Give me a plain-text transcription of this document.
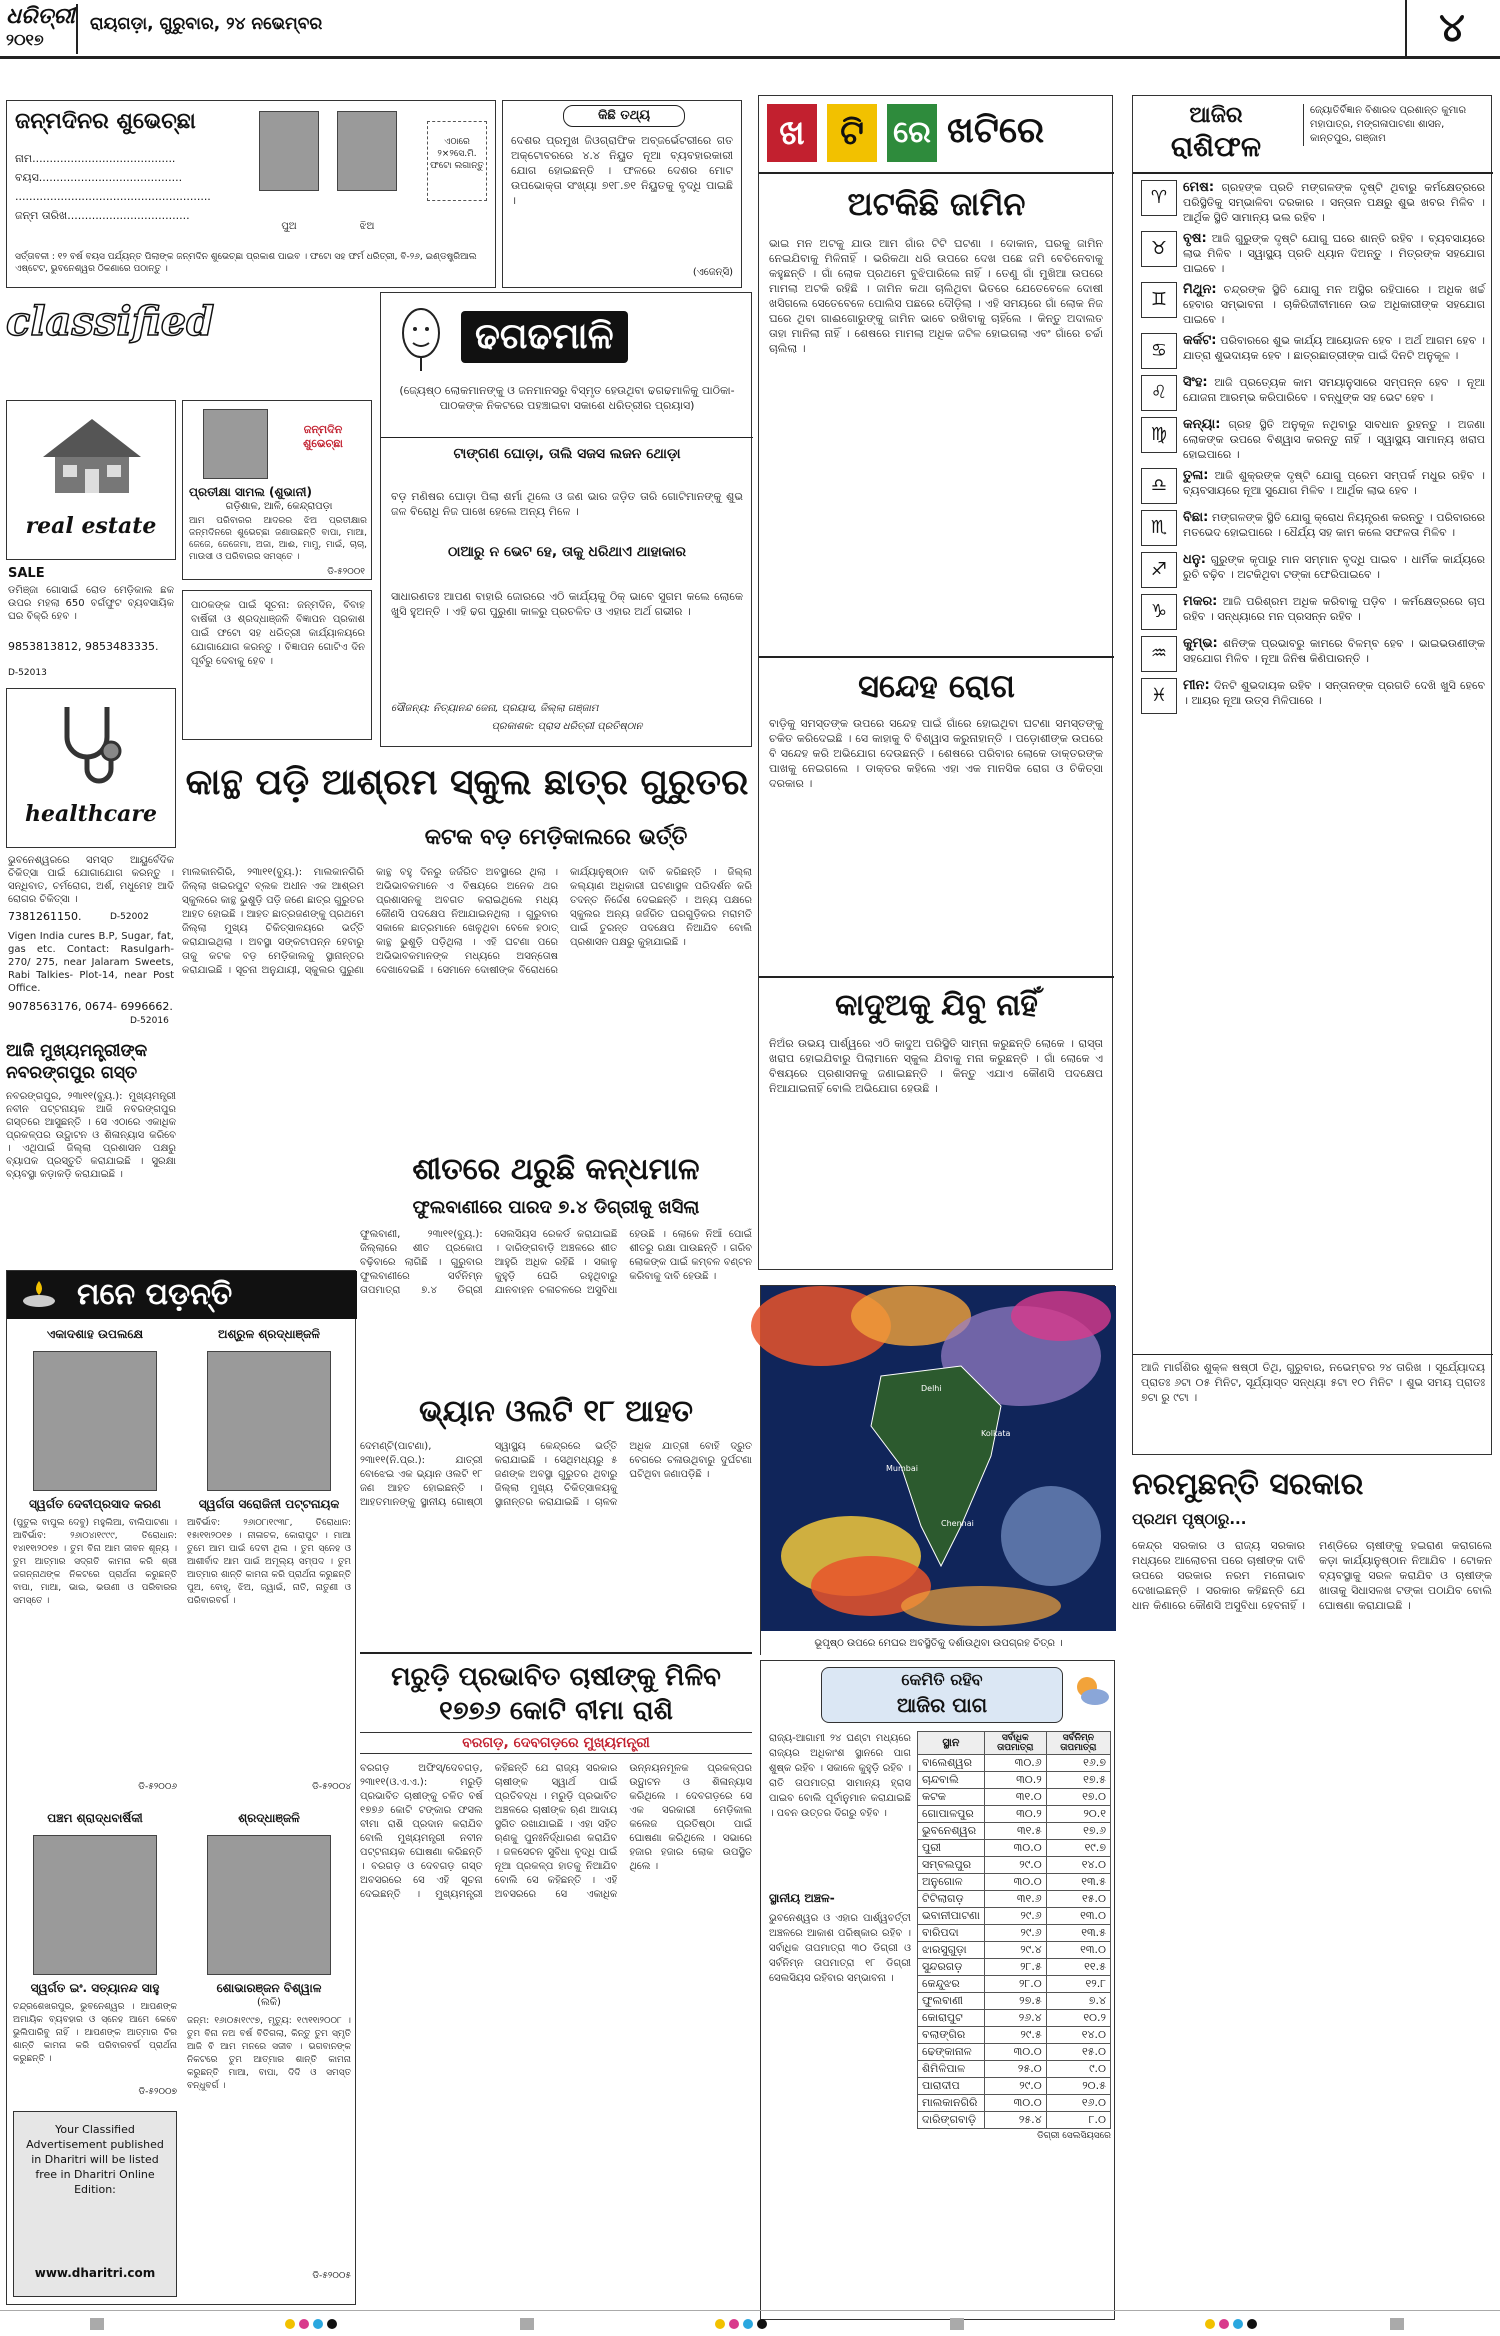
ଧରିତ୍ରୀ
୨୦୧୭
ରାୟଗଡ଼ା, ଗୁରୁବାର, ୨୪ ନଭେମ୍ବର	୪
ଜନ୍ମଦିନର ଶୁଭେଚ୍ଛା
ନାମ.........................................
ବୟସ.........................................
........................................................
ଜନ୍ମ ତାରିଖ...................................
ପୁଅ	ଝିଅ
ଏଠାରେ ୨×୨ସେ.ମି. ଫଟୋ ଲଗାନ୍ତୁ
ସର୍ତ୍ତାବଳୀ : ୧୨ ବର୍ଷ ବୟସ ପର୍ଯ୍ୟନ୍ତ ପିଲାଙ୍କ ଜନ୍ମଦିନ ଶୁଭେଚ୍ଛା ପ୍ରକାଶ ପାଇବ । ଫଟୋ ସହ ଫର୍ମ ଧରିତ୍ରୀ, ବି-୨୬, ଇଣ୍ଡଷ୍ଟ୍ରିଆଲ ଏଷ୍ଟେଟ, ଭୁବନେଶ୍ୱର ଠିକଣାରେ ପଠାନ୍ତୁ ।
କିଛି ତଥ୍ୟ
ଦେଶର ପ୍ରମୁଖ ଜିଓଗ୍ରାଫିକ ଅବ୍ଜର୍ଭେଟରୀରେ ଗତ ଅକ୍ଟୋବରରେ ୪.୪ ନିୟୁତ ନୂଆ ବ୍ୟବହାରକାରୀ ଯୋଗ ହୋଇଛନ୍ତି । ଫଳରେ ଦେଶର ମୋଟ ଉପଭୋକ୍ତା ସଂଖ୍ୟା ୭୧୮.୭୧ ନିୟୁତକୁ ବୃଦ୍ଧି ପାଇଛି ।
(ଏଜେନ୍ସି)
ଖ	ଟି ରେ ଖଟିରେ
ଅଟକିଛି ଜାମିନ
ଭାଇ ମନ ଅଟକୁ ଯାଉ ଆମ ଗାଁର ଟିଟି ଘଟଣା । ଦୋକାନ, ଘରକୁ ଜାମିନ ନେଇଯିବାକୁ ମିଳିନାହିଁ । ଭରିକଥା ଧରି ଉପରେ ଦେଖ ପଛେ ଜମି ବେଚିନେବାକୁ କହୁଛନ୍ତି । ଗାଁ ଲୋକ ପ୍ରଥମେ ବୁଝିପାରିଲେ ନାହିଁ । ତେଣୁ ଗାଁ ମୁଖିଆ ଉପରେ ମାମଲା ଅଟକି ରହିଛି । ଜାମିନ କଥା ଚାଲିଥିବା ଭିତରେ ଯେତେବେଳେ ଦୋଷୀ ଖସିଗଲେ ସେତେବେଳେ ପୋଲିସ ପଛରେ ଦୌଡ଼ିଲା । ଏହି ସମୟରେ ଗାଁ ଲୋକ ନିଜ ଘରେ ଥିବା ଗାଈଗୋରୁଙ୍କୁ ଜାମିନ ଭାବେ ରଖିବାକୁ ଚାହିଁଲେ । କିନ୍ତୁ ଅଦାଲତ ତାହା ମାନିଲା ନାହିଁ । ଶେଷରେ ମାମଲା ଅଧିକ ଜଟିଳ ହୋଇଗଲା ଏବଂ ଗାଁରେ ଚର୍ଚ୍ଚା ଚାଲିଲା ।
ସନ୍ଦେହ ରୋଗ
ବାଡ଼ିକୁ ସମସ୍ତଙ୍କ ଉପରେ ସନ୍ଦେହ ପାଇଁ ଗାଁରେ ହୋଇଥିବା ଘଟଣା ସମସ୍ତଙ୍କୁ ଚକିତ କରିଦେଇଛି । ସେ କାହାକୁ ବି ବିଶ୍ୱାସ କରୁନାହାନ୍ତି । ପଡ଼ୋଶୀଙ୍କ ଉପରେ ବି ସନ୍ଦେହ କରି ଅଭିଯୋଗ ଦେଉଛନ୍ତି । ଶେଷରେ ପରିବାର ଲୋକେ ଡାକ୍ତରଙ୍କ ପାଖକୁ ନେଇଗଲେ । ଡାକ୍ତର କହିଲେ ଏହା ଏକ ମାନସିକ ରୋଗ ଓ ଚିକିତ୍ସା ଦରକାର ।
କାଦୁଅକୁ ଯିବୁ ନାହିଁ
ନିଅଁର ଉଭୟ ପାର୍ଶ୍ୱରେ ଏଠି କାଦୁଅ ପରିସ୍ଥିତି ସାମ୍ନା କରୁଛନ୍ତି ଲୋକେ । ରାସ୍ତା ଖରାପ ହୋଇଯିବାରୁ ପିଲାମାନେ ସ୍କୁଲ ଯିବାକୁ ମନା କରୁଛନ୍ତି । ଗାଁ ଲୋକେ ଏ ବିଷୟରେ ପ୍ରଶାସନକୁ ଜଣାଇଛନ୍ତି । କିନ୍ତୁ ଏଯାଏ କୌଣସି ପଦକ୍ଷେପ ନିଆଯାଇନାହିଁ ବୋଲି ଅଭିଯୋଗ ହେଉଛି ।
ଆଜିର
ରାଶିଫଳ
ଜ୍ୟୋତିର୍ବିଜ୍ଞାନ ବିଶାରଦ ପ୍ରଶାନ୍ତ କୁମାର ମହାପାତ୍ର, ମଙ୍ଗଳାପାଟଣା ଶାସନ, କାନ୍ତପୁର, ଗଞ୍ଜାମ
♈	ମେଷ: ଗ୍ରହଙ୍କ ପ୍ରତି ମଙ୍ଗଳଙ୍କ ଦୃଷ୍ଟି ଥିବାରୁ କର୍ମକ୍ଷେତ୍ରରେ ପରିସ୍ଥିତିକୁ ସମ୍ଭାଳିବା ଦରକାର । ସନ୍ତାନ ପକ୍ଷରୁ ଶୁଭ ଖବର ମିଳିବ । ଆର୍ଥିକ ସ୍ଥିତି ସାମାନ୍ୟ ଭଲ ରହିବ ।
♉	ବୃଷ: ଆଜି ଗୁରୁଙ୍କ ଦୃଷ୍ଟି ଯୋଗୁ ଘରେ ଶାନ୍ତି ରହିବ । ବ୍ୟବସାୟରେ ଲାଭ ମିଳିବ । ସ୍ୱାସ୍ଥ୍ୟ ପ୍ରତି ଧ୍ୟାନ ଦିଅନ୍ତୁ । ମିତ୍ରଙ୍କ ସହଯୋଗ ପାଇବେ ।
♊	ମିଥୁନ: ଚନ୍ଦ୍ରଙ୍କ ସ୍ଥିତି ଯୋଗୁ ମନ ଅସ୍ଥିର ରହିପାରେ । ଅଧିକ ଖର୍ଚ୍ଚ ହେବାର ସମ୍ଭାବନା । ଚାକିରିଜୀବୀମାନେ ଉଚ୍ଚ ଅଧିକାରୀଙ୍କ ସହଯୋଗ ପାଇବେ ।
♋	କର୍କଟ: ପରିବାରରେ ଶୁଭ କାର୍ଯ୍ୟ ଆୟୋଜନ ହେବ । ଅର୍ଥ ଆଗମ ହେବ । ଯାତ୍ରା ଶୁଭଦାୟକ ହେବ । ଛାତ୍ରଛାତ୍ରୀଙ୍କ ପାଇଁ ଦିନଟି ଅନୁକୂଳ ।
♌	ସିଂହ: ଆଜି ପ୍ରତ୍ୟେକ କାମ ସମୟାନୁସାରେ ସମ୍ପନ୍ନ ହେବ । ନୂଆ ଯୋଜନା ଆରମ୍ଭ କରିପାରିବେ । ବନ୍ଧୁଙ୍କ ସହ ଭେଟ ହେବ ।
♍	କନ୍ୟା: ଗ୍ରହ ସ୍ଥିତି ଅନୁକୂଳ ନଥିବାରୁ ସାବଧାନ ରୁହନ୍ତୁ । ଅଜଣା ଲୋକଙ୍କ ଉପରେ ବିଶ୍ୱାସ କରନ୍ତୁ ନାହିଁ । ସ୍ୱାସ୍ଥ୍ୟ ସାମାନ୍ୟ ଖରାପ ହୋଇପାରେ ।
♎	ତୁଳା: ଆଜି ଶୁକ୍ରଙ୍କ ଦୃଷ୍ଟି ଯୋଗୁ ପ୍ରେମ ସମ୍ପର୍କ ମଧୁର ରହିବ । ବ୍ୟବସାୟରେ ନୂଆ ସୁଯୋଗ ମିଳିବ । ଆର୍ଥିକ ଲାଭ ହେବ ।
♏	ବିଛା: ମଙ୍ଗଳଙ୍କ ସ୍ଥିତି ଯୋଗୁ କ୍ରୋଧ ନିୟନ୍ତ୍ରଣ କରନ୍ତୁ । ପରିବାରରେ ମତଭେଦ ହୋଇପାରେ । ଧୈର୍ଯ୍ୟ ସହ କାମ କଲେ ସଫଳତା ମିଳିବ ।
♐	ଧନୁ: ଗୁରୁଙ୍କ କୃପାରୁ ମାନ ସମ୍ମାନ ବୃଦ୍ଧି ପାଇବ । ଧାର୍ମିକ କାର୍ଯ୍ୟରେ ରୁଚି ବଢ଼ିବ । ଅଟକିଥିବା ଟଙ୍କା ଫେରିପାଇବେ ।
♑	ମକର: ଆଜି ପରିଶ୍ରମ ଅଧିକ କରିବାକୁ ପଡ଼ିବ । କର୍ମକ୍ଷେତ୍ରରେ ଚାପ ରହିବ । ସନ୍ଧ୍ୟାରେ ମନ ପ୍ରସନ୍ନ ରହିବ ।
♒	କୁମ୍ଭ: ଶନିଙ୍କ ପ୍ରଭାବରୁ କାମରେ ବିଳମ୍ବ ହେବ । ଭାଇଭଉଣୀଙ୍କ ସହଯୋଗ ମିଳିବ । ନୂଆ ଜିନିଷ କିଣିପାରନ୍ତି ।
♓	ମୀନ: ଦିନଟି ଶୁଭଦାୟକ ରହିବ । ସନ୍ତାନଙ୍କ ପ୍ରଗତି ଦେଖି ଖୁସି ହେବେ । ଆୟର ନୂଆ ଉତ୍ସ ମିଳିପାରେ ।
ଆଜି ମାର୍ଗଶିର ଶୁକ୍ଳ ଷଷ୍ଠୀ ତିଥି, ଗୁରୁବାର, ନଭେମ୍ବର ୨୪ ତାରିଖ । ସୂର୍ଯ୍ୟୋଦୟ ପ୍ରାତଃ ୬ଟା ୦୫ ମିନିଟ, ସୂର୍ଯ୍ୟାସ୍ତ ସନ୍ଧ୍ୟା ୫ଟା ୧୦ ମିନିଟ । ଶୁଭ ସମୟ ପ୍ରାତଃ ୭ଟା ରୁ ୯ଟା ।
classified
real estate
SALE
ଡମିଞ୍ଜା ଗୋସାଇଁ ରୋଡ ମେଡ଼ିକାଲ ଛକ ଉପର ମହଲା 650 ବର୍ଗଫୁଟ ବ୍ୟବସାୟିକ ଘର ବିକ୍ରି ହେବ ।
9853813812, 9853483335.
D-52013
healthcare
ଭୁବନେଶ୍ୱରରେ ସମସ୍ତ ଆୟୁର୍ବେଦିକ ଚିକିତ୍ସା ପାଇଁ ଯୋଗାଯୋଗ କରନ୍ତୁ । ସନ୍ଧିବାତ, ଚର୍ମରୋଗ, ଅର୍ଶ, ମଧୁମେହ ଆଦି ରୋଗର ଚିକିତ୍ସା ।
7381261150.	D-52002
Vigen India cures B.P, Sugar, fat, gas etc. Contact: Rasulgarh- 270/ 275, near Jalaram Sweets, Rabi Talkies- Plot-14, near Post Office.
9078563176, 0674- 6996662.
D-52016
ଆଜି ମୁଖ୍ୟମନ୍ତ୍ରୀଙ୍କ ନବରଙ୍ଗପୁର ଗସ୍ତ
ନବରଙ୍ଗପୁର, ୨୩ା୧୧(ବ୍ୟୁ.): ମୁଖ୍ୟମନ୍ତ୍ରୀ ନବୀନ ପଟ୍ଟନାୟକ ଆଜି ନବରଙ୍ଗପୁର ଗସ୍ତରେ ଆସୁଛନ୍ତି । ସେ ଏଠାରେ ଏକାଧିକ ପ୍ରକଳ୍ପର ଉଦ୍ଘାଟନ ଓ ଶିଳାନ୍ୟାସ କରିବେ । ଏଥିପାଇଁ ଜିଲ୍ଲା ପ୍ରଶାସନ ପକ୍ଷରୁ ବ୍ୟାପକ ପ୍ରସ୍ତୁତି କରାଯାଇଛି । ସୁରକ୍ଷା ବ୍ୟବସ୍ଥା କଡ଼ାକଡ଼ି କରାଯାଇଛି ।
ଜନ୍ମଦିନ ଶୁଭେଚ୍ଛା
ପ୍ରତୀକ୍ଷା ସାମଲ (ଶୁଭାନୀ)
ଗଡ଼ିଶାଳ, ଆଳି, କେନ୍ଦ୍ରାପଡ଼ା
ଆମ ପରିବାରର ଆଦରର ଝିଅ ପ୍ରତୀକ୍ଷାର ଜନ୍ମଦିନରେ ଶୁଭେଚ୍ଛା ଜଣାଉଛନ୍ତି ବାପା, ମାଆ, ଜେଜେ, ଜେଜେମା, ଅଜା, ଆଈ, ମାମୁ, ମାଇଁ, ଚାଚା, ମାଉସୀ ଓ ପରିବାରର ସମସ୍ତେ ।
ଡି-୫୨୦୦୧
ପାଠକଙ୍କ ପାଇଁ ସୂଚନା: ଜନ୍ମଦିନ, ବିବାହ ବାର୍ଷିକୀ ଓ ଶ୍ରଦ୍ଧାଞ୍ଜଳି ବିଜ୍ଞାପନ ପ୍ରକାଶ ପାଇଁ ଫଟୋ ସହ ଧରିତ୍ରୀ କାର୍ଯ୍ୟାଳୟରେ ଯୋଗାଯୋଗ କରନ୍ତୁ । ବିଜ୍ଞାପନ ଗୋଟିଏ ଦିନ ପୂର୍ବରୁ ଦେବାକୁ ହେବ ।
ଢଗଢମାଳି
(ଜ୍ୟେଷ୍ଠ ଲୋକମାନଙ୍କୁ ଓ ଜନମାନସରୁ ବିସ୍ମୃତ ହେଉଥିବା ଢଗଢମାଳିକୁ ପାଠିକା-ପାଠକଙ୍କ ନିକଟରେ ପହଞ୍ଚାଇବା ସକାଶେ ଧରିତ୍ରୀର ପ୍ରୟାସ)
ଟାଙ୍ଗଣ ଘୋଡ଼ା, ତାଲି ସଜସ ଲଜନ ଥୋଡ଼ା
ବଡ଼ ମଣିଷର ଘୋଡ଼ା ପିଲା ଶର୍ମା ଥିଲେ ଓ ଜଣ ଭାର ଜଡ଼ିତ ତାରି ଗୋଟିମାନଙ୍କୁ ଶୁଭ ଜଳ ବିରୋଧି ନିଜ ପାଖେ ହେଲେ ଅନ୍ୟ ମିଳେ ।
ଠାଆରୁ ନ ଭେଟ ହେ, ତାକୁ ଧରିଥାଏ ଥାହାକାର
ସାଧାରଣତଃ ଆପଣ ବାହାରି ଜୋରରେ ଏଠି କାର୍ଯ୍ୟକୁ ଠିକ୍ ଭାବେ ସୁଗମ କଲେ ଲୋକେ ଖୁସି ହୁଅନ୍ତି । ଏହି ଢଗ ପୁରୁଣା କାଳରୁ ପ୍ରଚଳିତ ଓ ଏହାର ଅର୍ଥ ଗଭୀର ।
ସୌଜନ୍ୟ: ନିତ୍ୟାନନ୍ଦ ଜେନା, ପ୍ରୟାସ, ଜିଲ୍ଲା ଗଞ୍ଜାମ
ପ୍ରକାଶକ: ପ୍ରାସ ଧରିତ୍ରୀ ପ୍ରତିଷ୍ଠାନ
କାନ୍ଥ ପଡ଼ି ଆଶ୍ରମ ସ୍କୁଲ ଛାତ୍ର ଗୁରୁତର
କଟକ ବଡ଼ ମେଡ଼ିକାଲରେ ଭର୍ତ୍ତି
ମାଲକାନଗିରି, ୨୩ା୧୧(ବ୍ୟୁ.): ମାଲକାନଗିରି ଜିଲ୍ଲା ଖଇରପୁଟ ବ୍ଲକ ଅଧୀନ ଏକ ଆଶ୍ରମ ସ୍କୁଲରେ କାନ୍ଥ ଭୁଶୁଡ଼ି ପଡ଼ି ଜଣେ ଛାତ୍ର ଗୁରୁତର ଆହତ ହୋଇଛି । ଆହତ ଛାତ୍ରଜଣଙ୍କୁ ପ୍ରଥମେ ଜିଲ୍ଲା ମୁଖ୍ୟ ଚିକିତ୍ସାଳୟରେ ଭର୍ତ୍ତି କରାଯାଇଥିଲା । ଅବସ୍ଥା ସଙ୍କଟାପନ୍ନ ହେବାରୁ ତାକୁ କଟକ ବଡ଼ ମେଡ଼ିକାଲକୁ ସ୍ଥାନାନ୍ତର କରାଯାଇଛି । ସୂଚନା ଅନୁଯାୟୀ, ସ୍କୁଲର ପୁରୁଣା କାନ୍ଥ ବହୁ ଦିନରୁ ଜର୍ଜରିତ ଅବସ୍ଥାରେ ଥିଲା । ଅଭିଭାବକମାନେ ଏ ବିଷୟରେ ଅନେକ ଥର ପ୍ରଶାସନକୁ ଅବଗତ କରାଇଥିଲେ ମଧ୍ୟ କୌଣସି ପଦକ୍ଷେପ ନିଆଯାଇନଥିଲା । ଗୁରୁବାର ସକାଳେ ଛାତ୍ରମାନେ ଖେଳୁଥିବା ବେଳେ ହଠାତ୍ କାନ୍ଥ ଭୁଶୁଡ଼ି ପଡ଼ିଥିଲା । ଏହି ଘଟଣା ପରେ ଅଭିଭାବକମାନଙ୍କ ମଧ୍ୟରେ ଅସନ୍ତୋଷ ଦେଖାଦେଇଛି । ସେମାନେ ଦୋଷୀଙ୍କ ବିରୋଧରେ କାର୍ଯ୍ୟାନୁଷ୍ଠାନ ଦାବି କରିଛନ୍ତି । ଜିଲ୍ଲା କଲ୍ୟାଣ ଅଧିକାରୀ ଘଟଣାସ୍ଥଳ ପରିଦର୍ଶନ କରି ତଦନ୍ତ ନିର୍ଦ୍ଦେଶ ଦେଇଛନ୍ତି । ଅନ୍ୟ ପକ୍ଷରେ ସ୍କୁଲର ଅନ୍ୟ ଜର୍ଜରିତ ଘରଗୁଡ଼ିକର ମରାମତି ପାଇଁ ତୁରନ୍ତ ପଦକ୍ଷେପ ନିଆଯିବ ବୋଲି ପ୍ରଶାସନ ପକ୍ଷରୁ କୁହାଯାଇଛି ।
ଶୀତରେ ଥରୁଛି କନ୍ଧମାଳ
ଫୁଲବାଣୀରେ ପାରଦ ୭.୪ ଡିଗ୍ରୀକୁ ଖସିଲା
ଫୁଲବାଣୀ, ୨୩ା୧୧(ବ୍ୟୁ.): ଜିଲ୍ଲାରେ ଶୀତ ପ୍ରକୋପ ବଢ଼ିବାରେ ଲାଗିଛି । ଗୁରୁବାର ଫୁଲବାଣୀରେ ସର୍ବନିମ୍ନ ତାପମାତ୍ରା ୭.୪ ଡିଗ୍ରୀ ସେଲସିୟସ ରେକର୍ଡ କରାଯାଇଛି । ଦାରିଙ୍ଗବାଡ଼ି ଅଞ୍ଚଳରେ ଶୀତ ଆହୁରି ଅଧିକ ରହିଛି । ସକାଳୁ କୁହୁଡ଼ି ଘେରି ରହୁଥିବାରୁ ଯାନବାହନ ଚଳାଚଳରେ ଅସୁବିଧା ହେଉଛି । ଲୋକେ ନିଆଁ ପୋଇଁ ଶୀତରୁ ରକ୍ଷା ପାଉଛନ୍ତି । ଗରିବ ଲୋକଙ୍କ ପାଇଁ କମ୍ବଳ ବଣ୍ଟନ କରିବାକୁ ଦାବି ହେଉଛି ।
ଭ୍ୟାନ ଓଲଟି ୧୮ ଆହତ
ଦେମଣ୍ଟି(ପାଟଣା), ୨୩ା୧୧(ନି.ପ୍ର.): ଯାତ୍ରୀ ବୋଝେଇ ଏକ ଭ୍ୟାନ ଓଲଟି ୧୮ ଜଣ ଆହତ ହୋଇଛନ୍ତି । ଆହତମାନଙ୍କୁ ସ୍ଥାନୀୟ ଗୋଷ୍ଠୀ ସ୍ୱାସ୍ଥ୍ୟ କେନ୍ଦ୍ରରେ ଭର୍ତ୍ତି କରାଯାଇଛି । ସେଥିମଧ୍ୟରୁ ୫ ଜଣଙ୍କ ଅବସ୍ଥା ଗୁରୁତର ଥିବାରୁ ଜିଲ୍ଲା ମୁଖ୍ୟ ଚିକିତ୍ସାଳୟକୁ ସ୍ଥାନାନ୍ତର କରାଯାଇଛି । ଚାଳକ ଅଧିକ ଯାତ୍ରୀ ବୋହି ଦ୍ରୁତ ବେଗରେ ଚଳାଉଥିବାରୁ ଦୁର୍ଘଟଣା ଘଟିଥିବା ଜଣାପଡ଼ିଛି ।
ମରୁଡ଼ି ପ୍ରଭାବିତ ଚାଷୀଙ୍କୁ ମିଳିବ ୧୭୭୬ କୋଟି ବୀମା ରାଶି
ବରଗଡ଼, ଦେବଗଡ଼ରେ ମୁଖ୍ୟମନ୍ତ୍ରୀ
ବରଗଡ଼ ଅଫିସ୍/ଦେବଗଡ଼, ୨୩ା୧୧(ଓ.ଏ.ଏ.): ମରୁଡ଼ି ପ୍ରଭାବିତ ଚାଷୀଙ୍କୁ ଚଳିତ ବର୍ଷ ୧୭୭୬ କୋଟି ଟଙ୍କାର ଫସଲ ବୀମା ରାଶି ପ୍ରଦାନ କରାଯିବ ବୋଲି ମୁଖ୍ୟମନ୍ତ୍ରୀ ନବୀନ ପଟ୍ଟନାୟକ ଘୋଷଣା କରିଛନ୍ତି । ବରଗଡ଼ ଓ ଦେବଗଡ଼ ଗସ୍ତ ଅବସରରେ ସେ ଏହି ସୂଚନା ଦେଇଛନ୍ତି । ମୁଖ୍ୟମନ୍ତ୍ରୀ କହିଛନ୍ତି ଯେ ରାଜ୍ୟ ସରକାର ଚାଷୀଙ୍କ ସ୍ୱାର୍ଥ ପାଇଁ ପ୍ରତିବଦ୍ଧ । ମରୁଡ଼ି ପ୍ରଭାବିତ ଅଞ୍ଚଳରେ ଚାଷୀଙ୍କ ଋଣ ଆଦାୟ ସ୍ଥଗିତ ରଖାଯାଇଛି । ଏହା ସହିତ ଋଣକୁ ପୁନଃନିର୍ଦ୍ଧାରଣ କରାଯିବ । ଜଳସେଚନ ସୁବିଧା ବୃଦ୍ଧି ପାଇଁ ନୂଆ ପ୍ରକଳ୍ପ ହାତକୁ ନିଆଯିବ ବୋଲି ସେ କହିଛନ୍ତି । ଏହି ଅବସରରେ ସେ ଏକାଧିକ ଉନ୍ନୟନମୂଳକ ପ୍ରକଳ୍ପର ଉଦ୍ଘାଟନ ଓ ଶିଳାନ୍ୟାସ କରିଥିଲେ । ଦେବଗଡ଼ରେ ସେ ଏକ ସରକାରୀ ମେଡ଼ିକାଲ କଲେଜ ପ୍ରତିଷ୍ଠା ପାଇଁ ଘୋଷଣା କରିଥିଲେ । ସଭାରେ ହଜାର ହଜାର ଲୋକ ଉପସ୍ଥିତ ଥିଲେ ।
ମନେ ପଡ଼ନ୍ତି
ଏକାଦଶାହ ଉପଲକ୍ଷେ
ସ୍ୱର୍ଗତ ଦେବୀପ୍ରସାଦ କରଣ
(ପୁତୁଲ ବାପୁଲ ଦେବୁ) ମହୁଲିଆ, ବାଲିପାଟଣା । ଆବିର୍ଭାବ: ୨୬ା୦୪ା୧୯୯୯, ତିରୋଧାନ: ୧୪ା୧୧ା୨୦୧୭ । ତୁମ ବିନା ଆମ ଜୀବନ ଶୂନ୍ୟ । ତୁମ ଆତ୍ମାର ସଦ୍ଗତି କାମନା କରି ଶ୍ରୀ ଜଗନ୍ନାଥଙ୍କ ନିକଟରେ ପ୍ରାର୍ଥନା କରୁଛନ୍ତି ବାପା, ମାଆ, ଭାଇ, ଭଉଣୀ ଓ ପରିବାରର ସମସ୍ତେ ।
ଡି-୫୨୦୦୬
ଅଶ୍ରୁଳ ଶ୍ରଦ୍ଧାଞ୍ଜଳି
ସ୍ୱର୍ଗତା ସରୋଜିନୀ ପଟ୍ଟନାୟକ
ଆବିର୍ଭାବ: ୨୬ା୦୮ା୧୯୩୮, ତିରୋଧାନ: ୧୫ା୧୧ା୨୦୧୭ । ନୀଳାଚଳ, କୋରାପୁଟ । ମାଆ ତୁମେ ଆମ ପାଇଁ ଦେବୀ ଥିଲ । ତୁମ ସ୍ନେହ ଓ ଆଶୀର୍ବାଦ ଆମ ପାଇଁ ଅମୂଲ୍ୟ ସମ୍ପଦ । ତୁମ ଆତ୍ମାର ଶାନ୍ତି କାମନା କରି ପ୍ରାର୍ଥନା କରୁଛନ୍ତି ପୁଅ, ବୋହୂ, ଝିଅ, ଜ୍ୱାଇଁ, ନାତି, ନାତୁଣୀ ଓ ପରିବାରବର୍ଗ ।
ଡି-୫୨୦୦୪
ପଞ୍ଚମ ଶ୍ରାଦ୍ଧବାର୍ଷିକୀ
ସ୍ୱର୍ଗତ ଇଂ. ସତ୍ୟାନନ୍ଦ ସାହୁ
ଚନ୍ଦ୍ରଶେଖରପୁର, ଭୁବନେଶ୍ୱର । ଆପଣଙ୍କ ଅମାୟିକ ବ୍ୟବହାର ଓ ସ୍ନେହ ଆମେ କେବେ ଭୁଲିପାରିବୁ ନାହିଁ । ଆପଣଙ୍କ ଆତ୍ମାର ଚିର ଶାନ୍ତି କାମନା କରି ପରିବାରବର୍ଗ ପ୍ରାର୍ଥନା କରୁଛନ୍ତି ।
ଡି-୫୨୦୦୭
Your Classified Advertisement published in Dharitri will be listed free in Dharitri Online Edition:
www.dharitri.com
ଶ୍ରଦ୍ଧାଞ୍ଜଳି
ଶୋଭାରଞ୍ଜନ ବିଶ୍ୱାଳ
(ଲକି)
ଜନ୍ମ: ୧୬ା୦୫ା୧୯୯୭, ମୃତ୍ୟୁ: ୧୯ା୧୧ା୨୦୦୮ । ତୁମ ବିନା ନଅ ବର୍ଷ ବିତିଗଲା, କିନ୍ତୁ ତୁମ ସ୍ମୃତି ଆଜି ବି ଆମ ମନରେ ସଜୀବ । ଭଗବାନଙ୍କ ନିକଟରେ ତୁମ ଆତ୍ମାର ଶାନ୍ତି କାମନା କରୁଛନ୍ତି ମାଆ, ବାପା, ଦିଦି ଓ ସମସ୍ତ ବନ୍ଧୁବର୍ଗ ।
ଡି-୫୨୦୦୫
Delhi
Kolkata
Mumbai
Chennai
ଭୂପୃଷ୍ଠ ଉପରେ ମେଘର ଅବସ୍ଥିତିକୁ ଦର୍ଶାଉଥିବା ଉପଗ୍ରହ ଚିତ୍ର ।
କେମିତି ରହିବ
ଆଜିର ପାଗ
ରାଜ୍ୟ-ଆଗାମୀ ୨୪ ଘଣ୍ଟା ମଧ୍ୟରେ ରାଜ୍ୟର ଅଧିକାଂଶ ସ୍ଥାନରେ ପାଗ ଶୁଷ୍କ ରହିବ । ସକାଳେ କୁହୁଡ଼ି ରହିବ । ରାତି ତାପମାତ୍ରା ସାମାନ୍ୟ ହ୍ରାସ ପାଇବ ବୋଲି ପୂର୍ବାନୁମାନ କରାଯାଇଛି । ପବନ ଉତ୍ତର ଦିଗରୁ ବହିବ ।
ସ୍ଥାନୀୟ ଅଞ୍ଚଳ-
ଭୁବନେଶ୍ୱର ଓ ଏହାର ପାର୍ଶ୍ୱବର୍ତ୍ତୀ ଅଞ୍ଚଳରେ ଆକାଶ ପରିଷ୍କାର ରହିବ । ସର୍ବାଧିକ ତାପମାତ୍ରା ୩୦ ଡିଗ୍ରୀ ଓ ସର୍ବନିମ୍ନ ତାପମାତ୍ରା ୧୮ ଡିଗ୍ରୀ ସେଲସିୟସ ରହିବାର ସମ୍ଭାବନା ।
ସ୍ଥାନ	ସର୍ବାଧିକ ତାପମାତ୍ରା	ସର୍ବନିମ୍ନ ତାପମାତ୍ରା
ବାଲେଶ୍ୱର	୩୦.୬	୧୬.୭
ଚାନ୍ଦବାଲି	୩୦.୨	୧୭.୫
କଟକ	୩୧.୦	୧୭.୦
ଗୋପାଳପୁର	୩୦.୨	୨୦.୧
ଭୁବନେଶ୍ୱର	୩୧.୫	୧୭.୬
ପୁରୀ	୩୦.୦	୧୯.୭
ସମ୍ବଲପୁର	୨୯.୦	୧୪.୦
ଅନୁଗୋଳ	୩୦.୦	୧୩.୫
ଟିଟିଲାଗଡ଼	୩୧.୬	୧୫.୦
ଭବାନୀପାଟଣା	୨୯.୬	୧୩.୦
ବାରିପଦା	୨୯.୬	୧୩.୫
ଝାରସୁଗୁଡ଼ା	୨୯.୪	୧୩.୦
ସୁନ୍ଦରଗଡ଼	୨୮.୫	୧୧.୫
କେନ୍ଦୁଝର	୨୮.୦	୧୨.୮
ଫୁଲବାଣୀ	୨୭.୫	୭.୪
କୋରାପୁଟ	୨୬.୪	୧୦.୨
ବଲାଙ୍ଗିର	୨୯.୫	୧୪.୦
ଢେଙ୍କାନାଳ	୩୦.୦	୧୫.୦
ଶିମିଳିପାଳ	୨୫.୦	୯.୦
ପାରାଦୀପ	୨୯.୦	୨୦.୫
ମାଲକାନଗିରି	୩୦.୦	୧୬.୦
ଦାରିଙ୍ଗବାଡ଼ି	୨୫.୪	୮.୦
ଡିଗ୍ରୀ ସେଲସିୟସରେ
ନରମୁଛନ୍ତି ସରକାର
ପ୍ରଥମ ପୃଷ୍ଠାରୁ...
କେନ୍ଦ୍ର ସରକାର ଓ ରାଜ୍ୟ ସରକାର ମଧ୍ୟରେ ଆଲୋଚନା ପରେ ଚାଷୀଙ୍କ ଦାବି ଉପରେ ସରକାର ନରମ ମନୋଭାବ ଦେଖାଇଛନ୍ତି । ସରକାର କହିଛନ୍ତି ଯେ ଧାନ କିଣାରେ କୌଣସି ଅସୁବିଧା ହେବନାହିଁ । ମଣ୍ଡିରେ ଚାଷୀଙ୍କୁ ହଇରାଣ କରାଗଲେ କଡ଼ା କାର୍ଯ୍ୟାନୁଷ୍ଠାନ ନିଆଯିବ । ଟୋକନ ବ୍ୟବସ୍ଥାକୁ ସରଳ କରାଯିବ ଓ ଚାଷୀଙ୍କ ଖାତାକୁ ସିଧାସଳଖ ଟଙ୍କା ପଠାଯିବ ବୋଲି ଘୋଷଣା କରାଯାଇଛି ।
